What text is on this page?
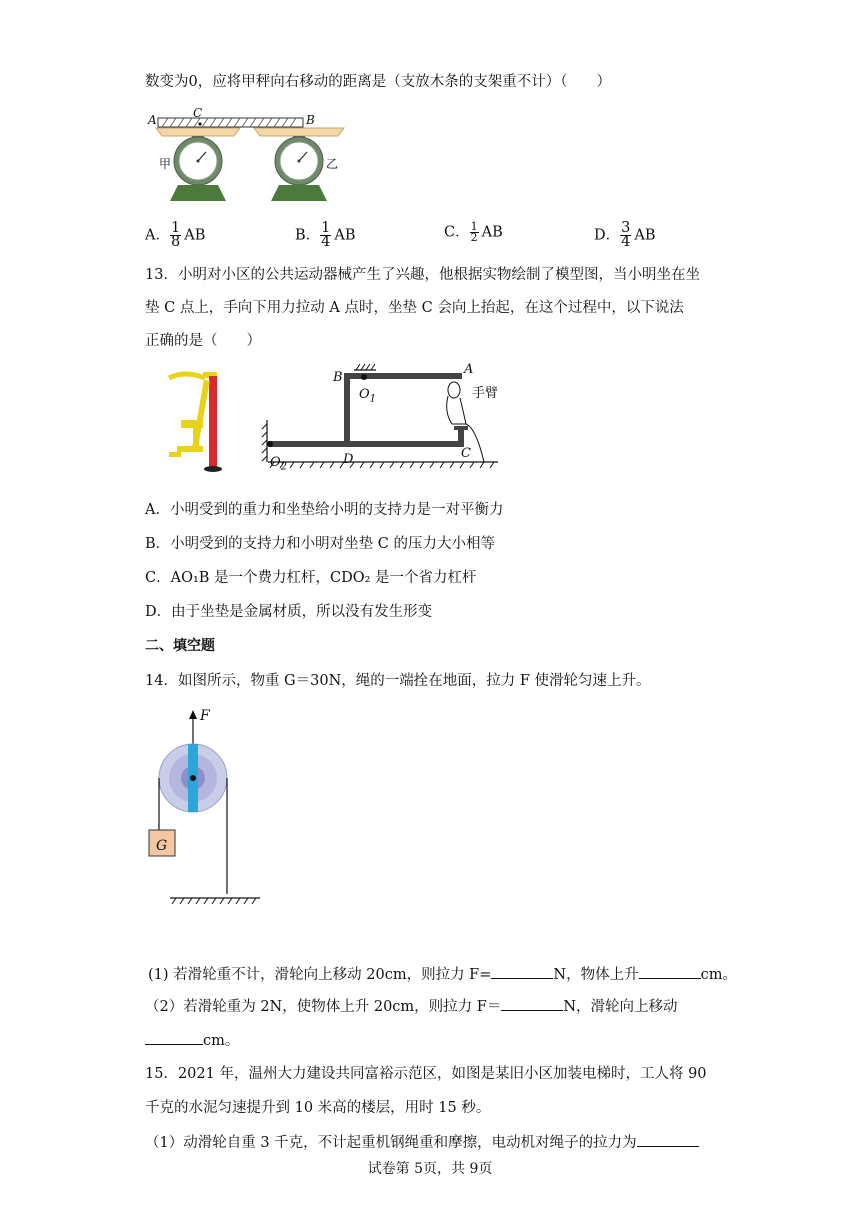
数变为0，应将甲秤向右移动的距离是（支放木条的支架重不计）（　　）
A	C	B
甲	乙
A． $\frac{1}{8}$ AB	B． $\frac{1}{4}$ AB	C． $\frac{1}{2}$ AB	D． $\frac{3}{4}$ AB
13．小明对小区的公共运动器械产生了兴趣，他根据实物绘制了模型图，当小明坐在坐
垫 C 点上，手向下用力拉动 A 点时，坐垫 C 会向上抬起，在这个过程中，以下说法
正确的是（　　）
B
A
$O_1$	手臂
$O_2$
D	C
A．小明受到的重力和坐垫给小明的支持力是一对平衡力
B．小明受到的支持力和小明对坐垫 C 的压力大小相等
C．AO₁B 是一个费力杠杆，CDO₂ 是一个省力杠杆
D．由于坐垫是金属材质，所以没有发生形变
二、填空题
14．如图所示，物重 G＝30N，绳的一端拴在地面，拉力 F 使滑轮匀速上升。
F
G
(1) 若滑轮重不计，滑轮向上移动 20cm，则拉力 F=	N，物体上升	cm。
（2）若滑轮重为 2N，使物体上升 20cm，则拉力 F＝	N，滑轮向上移动
cm。
15．2021 年，温州大力建设共同富裕示范区，如图是某旧小区加装电梯时，工人将 90
千克的水泥匀速提升到 10 米高的楼层，用时 15 秒。
（1）动滑轮自重 3 千克，不计起重机钢绳重和摩擦，电动机对绳子的拉力为
试卷第 5页，共 9页
